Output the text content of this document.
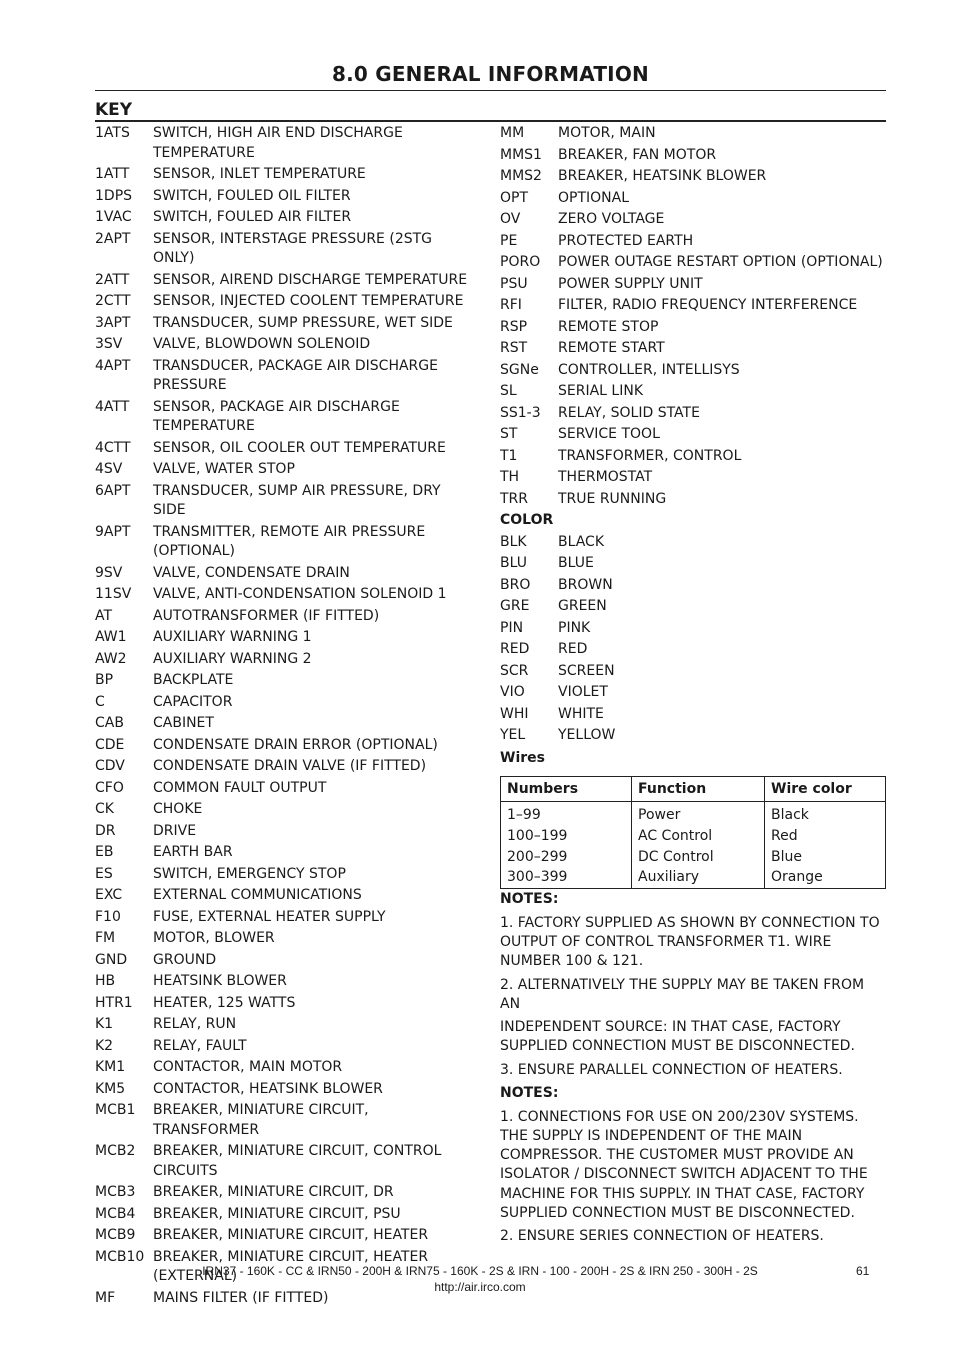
8.0 GENERAL INFORMATION
KEY
1ATS	SWITCH, HIGH AIR END DISCHARGE TEMPERATURE
1ATT	SENSOR, INLET TEMPERATURE
1DPS	SWITCH, FOULED OIL FILTER
1VAC	SWITCH, FOULED AIR FILTER
2APT	SENSOR, INTERSTAGE PRESSURE (2STG ONLY)
2ATT	SENSOR, AIREND DISCHARGE TEMPERATURE
2CTT	SENSOR, INJECTED COOLENT TEMPERATURE
3APT	TRANSDUCER, SUMP PRESSURE, WET SIDE
3SV	VALVE, BLOWDOWN SOLENOID
4APT	TRANSDUCER, PACKAGE AIR DISCHARGE PRESSURE
4ATT	SENSOR, PACKAGE AIR DISCHARGE TEMPERATURE
4CTT	SENSOR, OIL COOLER OUT TEMPERATURE
4SV	VALVE, WATER STOP
6APT	TRANSDUCER, SUMP AIR PRESSURE, DRY SIDE
9APT	TRANSMITTER, REMOTE AIR PRESSURE (OPTIONAL)
9SV	VALVE, CONDENSATE DRAIN
11SV	VALVE, ANTI-CONDENSATION SOLENOID 1
AT	AUTOTRANSFORMER (IF FITTED)
AW1	AUXILIARY WARNING 1
AW2	AUXILIARY WARNING 2
BP	BACKPLATE
C	CAPACITOR
CAB	CABINET
CDE	CONDENSATE DRAIN ERROR (OPTIONAL)
CDV	CONDENSATE DRAIN VALVE (IF FITTED)
CFO	COMMON FAULT OUTPUT
CK	CHOKE
DR	DRIVE
EB	EARTH BAR
ES	SWITCH, EMERGENCY STOP
EXC	EXTERNAL COMMUNICATIONS
F10	FUSE, EXTERNAL HEATER SUPPLY
FM	MOTOR, BLOWER
GND	GROUND
HB	HEATSINK BLOWER
HTR1	HEATER, 125 WATTS
K1	RELAY, RUN
K2	RELAY, FAULT
KM1	CONTACTOR, MAIN MOTOR
KM5	CONTACTOR, HEATSINK BLOWER
MCB1	BREAKER, MINIATURE CIRCUIT, TRANSFORMER
MCB2	BREAKER, MINIATURE CIRCUIT, CONTROL CIRCUITS
MCB3	BREAKER, MINIATURE CIRCUIT, DR
MCB4	BREAKER, MINIATURE CIRCUIT, PSU
MCB9	BREAKER, MINIATURE CIRCUIT, HEATER
MCB10 BREAKER, MINIATURE CIRCUIT, HEATER (EXTERNAL)
MF	MAINS FILTER (IF FITTED)
MM	MOTOR, MAIN
MMS1	BREAKER, FAN MOTOR
MMS2	BREAKER, HEATSINK BLOWER
OPT	OPTIONAL
OV	ZERO VOLTAGE
PE	PROTECTED EARTH
PORO	POWER OUTAGE RESTART OPTION (OPTIONAL)
PSU	POWER SUPPLY UNIT
RFI	FILTER, RADIO FREQUENCY INTERFERENCE
RSP	REMOTE STOP
RST	REMOTE START
SGNe	CONTROLLER, INTELLISYS
SL	SERIAL LINK
SS1-3	RELAY, SOLID STATE
ST	SERVICE TOOL
T1	TRANSFORMER, CONTROL
TH	THERMOSTAT
TRR	TRUE RUNNING
COLOR
BLK	BLACK
BLU	BLUE
BRO	BROWN
GRE	GREEN
PIN	PINK
RED	RED
SCR	SCREEN
VIO	VIOLET
WHI	WHITE
YEL	YELLOW
Wires
Numbers	Function	Wire color
1–99	Power	Black
100–199	AC Control	Red
200–299	DC Control	Blue
300–399	Auxiliary	Orange
NOTES:
1. FACTORY SUPPLIED AS SHOWN BY CONNECTION TO OUTPUT OF CONTROL TRANSFORMER T1. WIRE NUMBER 100 & 121.
2. ALTERNATIVELY THE SUPPLY MAY BE TAKEN FROM AN
INDEPENDENT SOURCE: IN THAT CASE, FACTORY SUPPLIED CONNECTION MUST BE DISCONNECTED.
3. ENSURE PARALLEL CONNECTION OF HEATERS.
NOTES:
1. CONNECTIONS FOR USE ON 200/230V SYSTEMS. THE SUPPLY IS INDEPENDENT OF THE MAIN COMPRESSOR. THE CUSTOMER MUST PROVIDE AN ISOLATOR / DISCONNECT SWITCH ADJACENT TO THE MACHINE FOR THIS SUPPLY. IN THAT CASE, FACTORY SUPPLIED CONNECTION MUST BE DISCONNECTED.
2. ENSURE SERIES CONNECTION OF HEATERS.
IRN37 - 160K - CC & IRN50 - 200H & IRN75 - 160K - 2S & IRN - 100 - 200H - 2S & IRN 250 - 300H - 2S
http://air.irco.com
61
